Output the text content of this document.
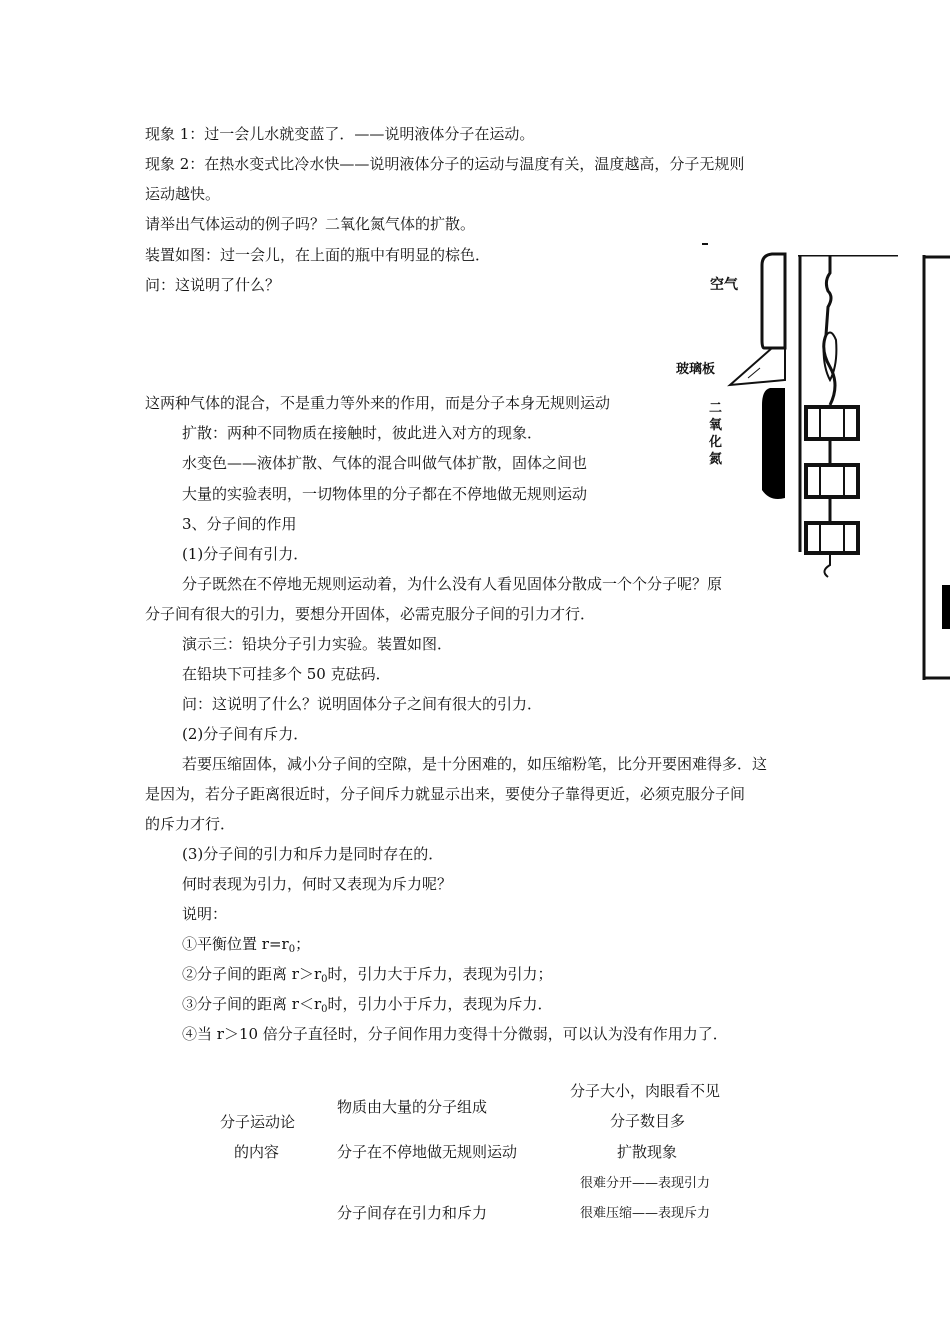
现象 1：过一会儿水就变蓝了．——说明液体分子在运动。
现象 2：在热水变式比冷水快——说明液体分子的运动与温度有关，温度越高，分子无规则
运动越快。
请举出气体运动的例子吗？二氧化氮气体的扩散。
装置如图：过一会儿，在上面的瓶中有明显的棕色．
问：这说明了什么？
这两种气体的混合，不是重力等外来的作用，而是分子本身无规则运动
扩散：两种不同物质在接触时，彼此进入对方的现象．
水变色——液体扩散、气体的混合叫做气体扩散，固体之间也
大量的实验表明，一切物体里的分子都在不停地做无规则运动
3、分子间的作用
(1)分子间有引力．
分子既然在不停地无规则运动着，为什么没有人看见固体分散成一个个分子呢？原
分子间有很大的引力，要想分开固体，必需克服分子间的引力才行．
演示三：铅块分子引力实验。装置如图．
在铅块下可挂多个 50 克砝码．
问：这说明了什么？说明固体分子之间有很大的引力．
(2)分子间有斥力．
若要压缩固体，减小分子间的空隙，是十分困难的，如压缩粉笔，比分开要困难得多．这
是因为，若分子距离很近时，分子间斥力就显示出来，要使分子靠得更近，必须克服分子间
的斥力才行．
(3)分子间的引力和斥力是同时存在的．
何时表现为引力，何时又表现为斥力呢？
说明：
①平衡位置 $r=r_0$；
②分子间的距离 $r>r_0$时，引力大于斥力，表现为引力；
③分子间的距离 $r<r_0$时，引力小于斥力，表现为斥力．
④当 r＞10 倍分子直径时，分子间作用力变得十分微弱，可以认为没有作用力了．
分子运动论
的内容
物质由大量的分子组成
分子在不停地做无规则运动
分子间存在引力和斥力
分子大小，肉眼看不见
分子数目多
扩散现象
很难分开——表现引力
很难压缩——表现斥力
空气
玻璃板
二氧化氮
